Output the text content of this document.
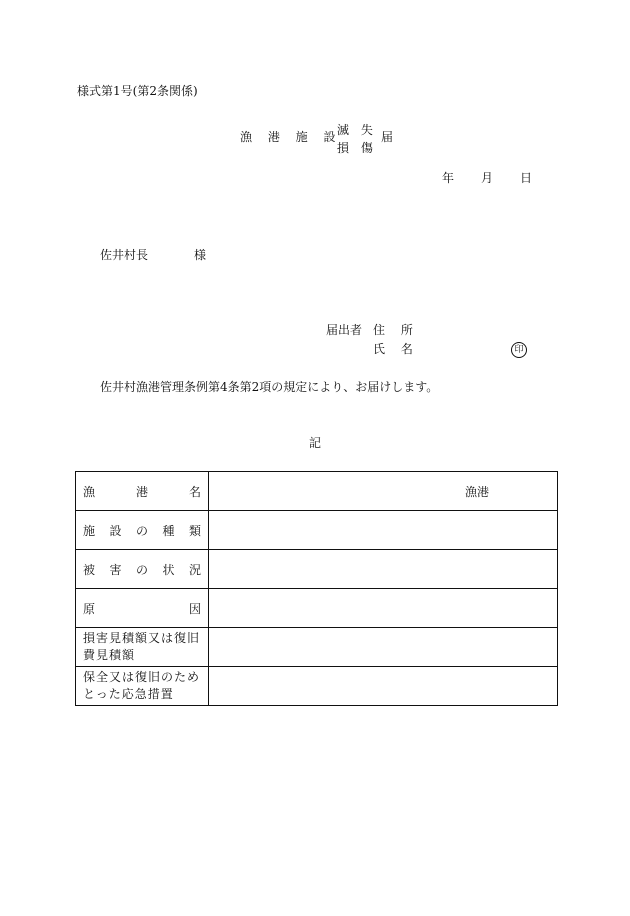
様式第1号(第2条関係)
漁 港 施 設
滅 失
損 傷
届
年 月 日
佐井村長	様
届出者 住 所
氏 名	印
佐井村漁港管理条例第4条第2項の規定により、お届けします。
記
漁 港 名	漁港

施 設 の 種 類	

被 害 の 状 況	

原 因	

損害見積額又は復旧
費見積額	

保全又は復旧のため
とった応急措置	
